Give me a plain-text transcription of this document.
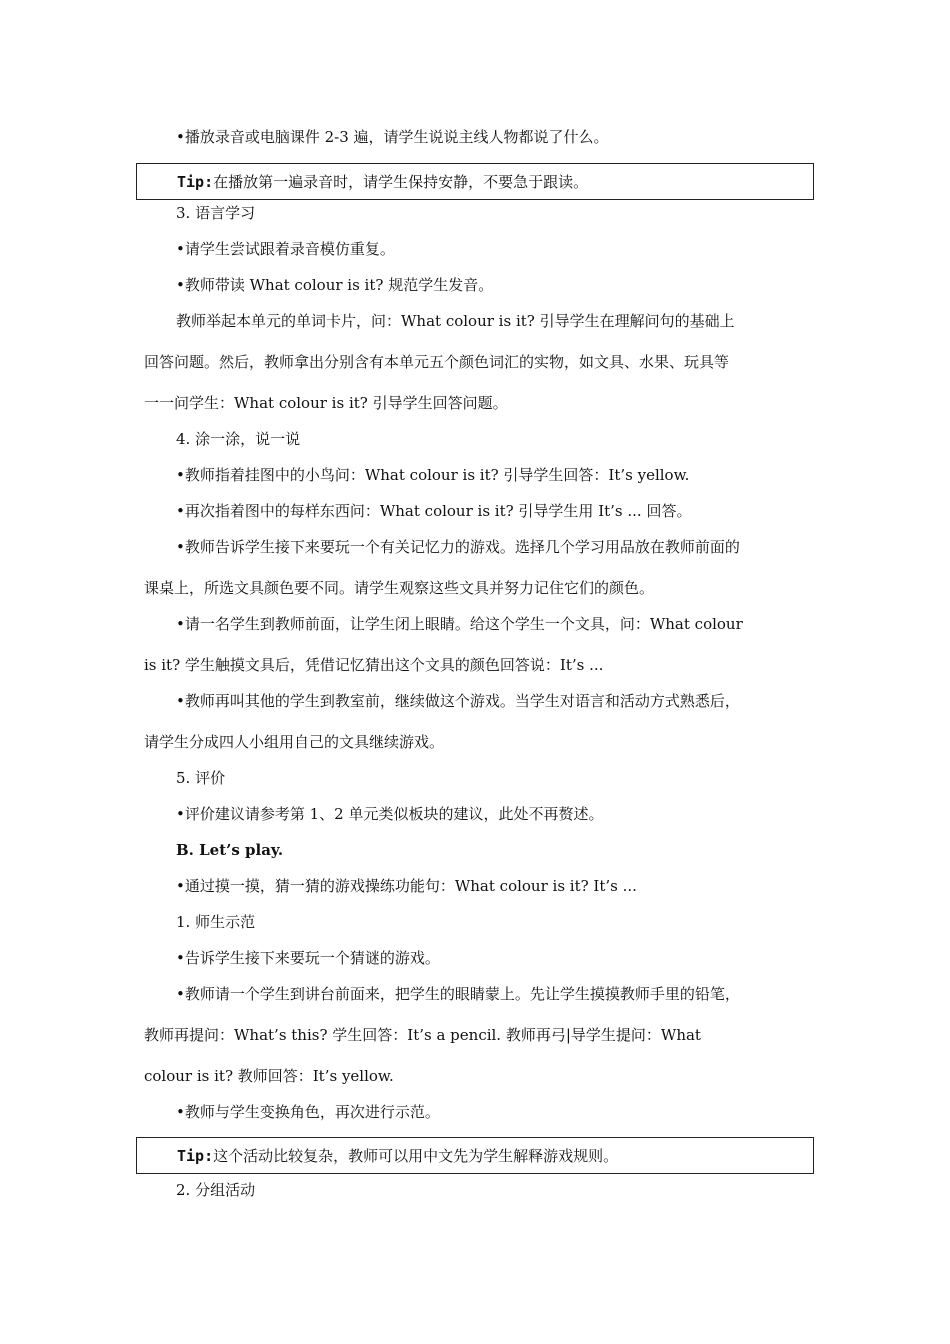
•播放录音或电脑课件 2-3 遍，请学生说说主线人物都说了什么。
Tip:在播放第一遍录音时，请学生保持安静，不要急于跟读。
3. 语言学习
•请学生尝试跟着录音模仿重复。
•教师带读 What colour is it? 规范学生发音。
教师举起本单元的单词卡片，问：What colour is it? 引导学生在理解问句的基础上
回答问题。然后，教师拿出分别含有本单元五个颜色词汇的实物，如文具、水果、玩具等
一一问学生：What colour is it? 引导学生回答问题。
4. 涂一涂，说一说
•教师指着挂图中的小鸟问：What colour is it? 引导学生回答：It’s yellow.
•再次指着图中的每样东西问：What colour is it? 引导学生用 It’s ... 回答。
•教师告诉学生接下来要玩一个有关记忆力的游戏。选择几个学习用品放在教师前面的
课桌上，所选文具颜色要不同。请学生观察这些文具并努力记住它们的颜色。
•请一名学生到教师前面，让学生闭上眼睛。给这个学生一个文具，问：What colour
is it? 学生触摸文具后，凭借记忆猜出这个文具的颜色回答说：It’s ...
•教师再叫其他的学生到教室前，继续做这个游戏。当学生对语言和活动方式熟悉后，
请学生分成四人小组用自己的文具继续游戏。
5. 评价
•评价建议请参考第 1、2 单元类似板块的建议，此处不再赘述。
B. Let’s play.
•通过摸一摸，猜一猜的游戏操练功能句：What colour is it? It’s ...
1. 师生示范
•告诉学生接下来要玩一个猜谜的游戏。
•教师请一个学生到讲台前面来，把学生的眼睛蒙上。先让学生摸摸教师手里的铅笔，
教师再提问：What’s this? 学生回答：It’s a pencil. 教师再弓|导学生提问：What
colour is it? 教师回答：It’s yellow.
•教师与学生变换角色，再次进行示范。
Tip:这个活动比较复杂，教师可以用中文先为学生解释游戏规则。
2. 分组活动
